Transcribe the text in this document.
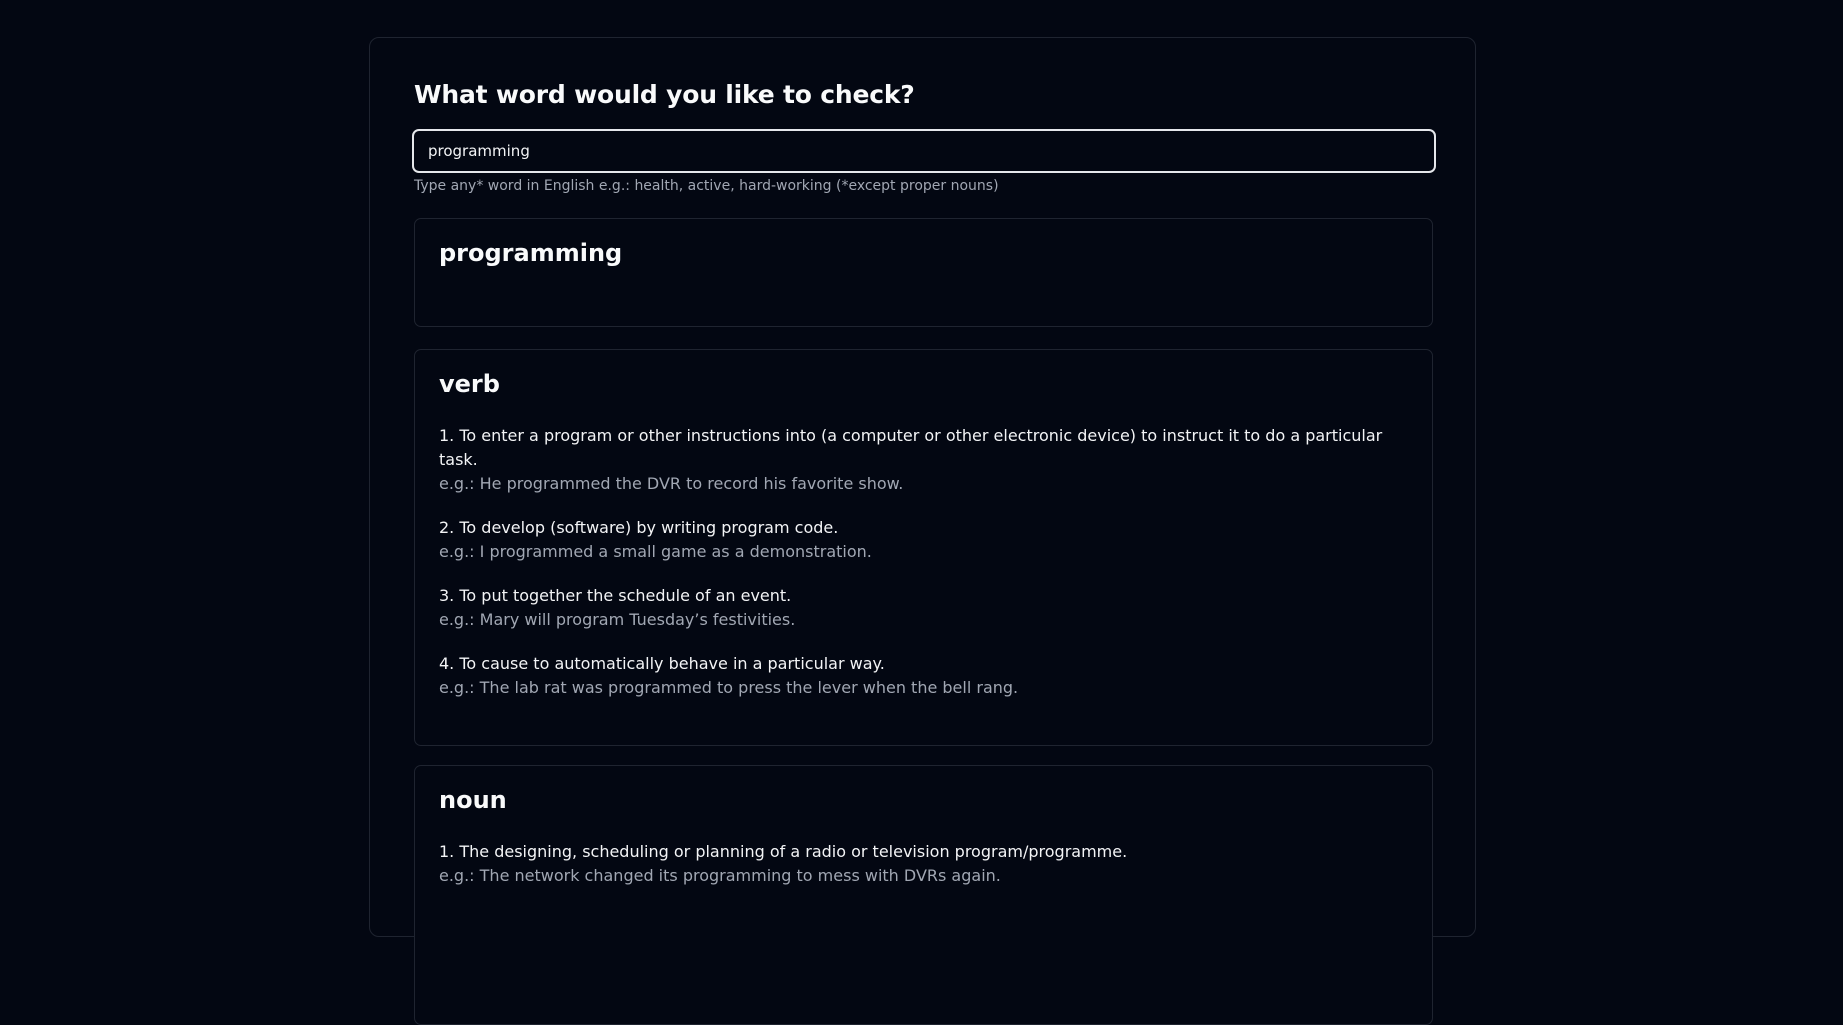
What word would you like to check?
programming
Type any* word in English e.g.: health, active, hard-working (*except proper nouns)
programming
verb
1. To enter a program or other instructions into (a computer or other electronic device) to instruct it to do a particular task.
e.g.: He programmed the DVR to record his favorite show.
2. To develop (software) by writing program code.
e.g.: I programmed a small game as a demonstration.
3. To put together the schedule of an event.
e.g.: Mary will program Tuesday’s festivities.
4. To cause to automatically behave in a particular way.
e.g.: The lab rat was programmed to press the lever when the bell rang.
noun
1. The designing, scheduling or planning of a radio or television program/programme.
e.g.: The network changed its programming to mess with DVRs again.
